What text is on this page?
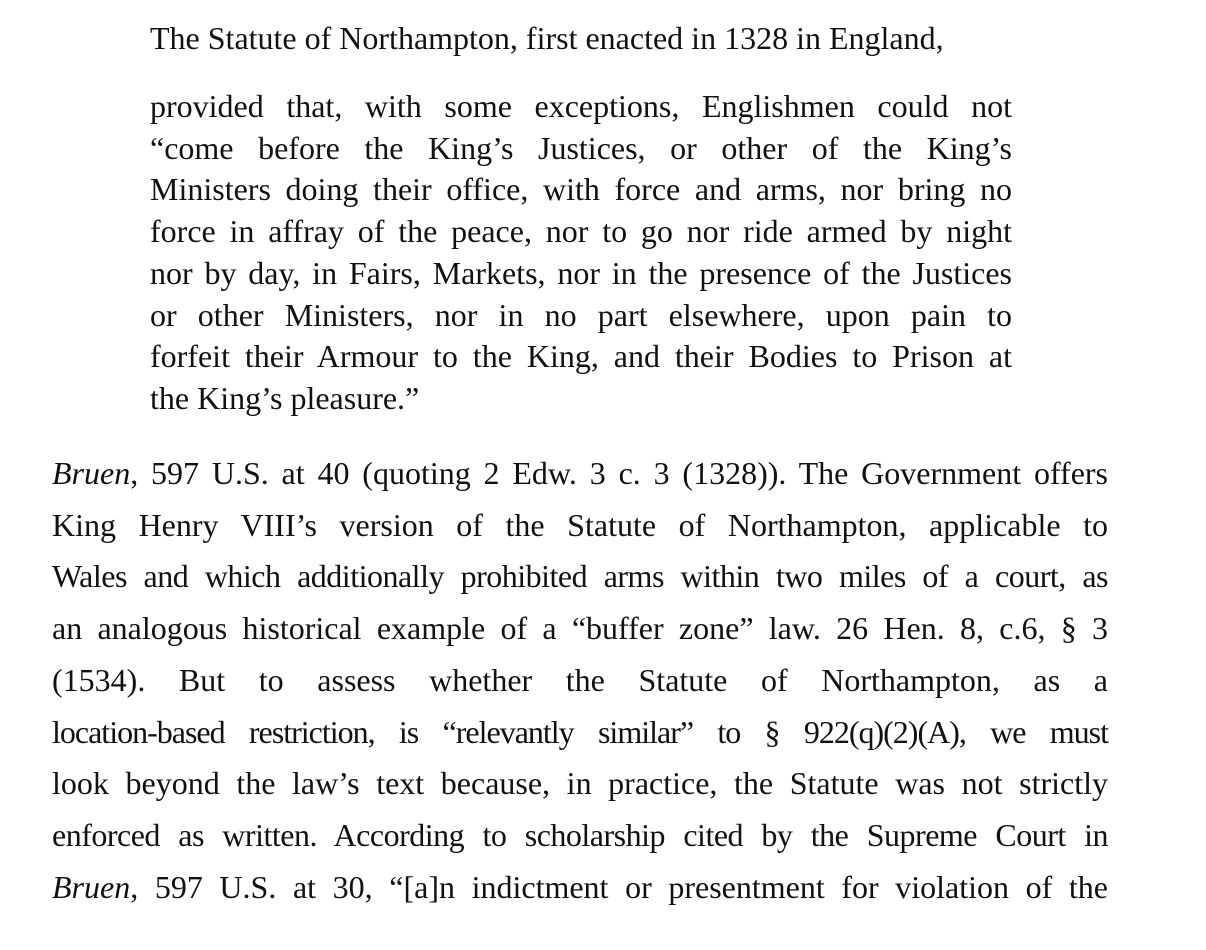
The Statute of Northampton, first enacted in 1328 in England,

provided that, with some exceptions, Englishmen could not
“come before the King’s Justices, or other of the King’s
Ministers doing their office, with force and arms, nor bring no
force in affray of the peace, nor to go nor ride armed by night
nor by day, in Fairs, Markets, nor in the presence of the Justices
or other Ministers, nor in no part elsewhere, upon pain to
forfeit their Armour to the King, and their Bodies to Prison at
the King’s pleasure.”
Bruen, 597 U.S. at 40 (quoting 2 Edw. 3 c. 3 (1328)). The Government offers
King Henry VIII’s version of the Statute of Northampton, applicable to
Wales and which additionally prohibited arms within two miles of a court, as
an analogous historical example of a “buffer zone” law. 26 Hen. 8, c.6, § 3
(1534). But to assess whether the Statute of Northampton, as a
location-based restriction, is “relevantly similar” to § 922(q)(2)(A), we must
look beyond the law’s text because, in practice, the Statute was not strictly
enforced as written. According to scholarship cited by the Supreme Court in
Bruen, 597 U.S. at 30, “[a]n indictment or presentment for violation of the
